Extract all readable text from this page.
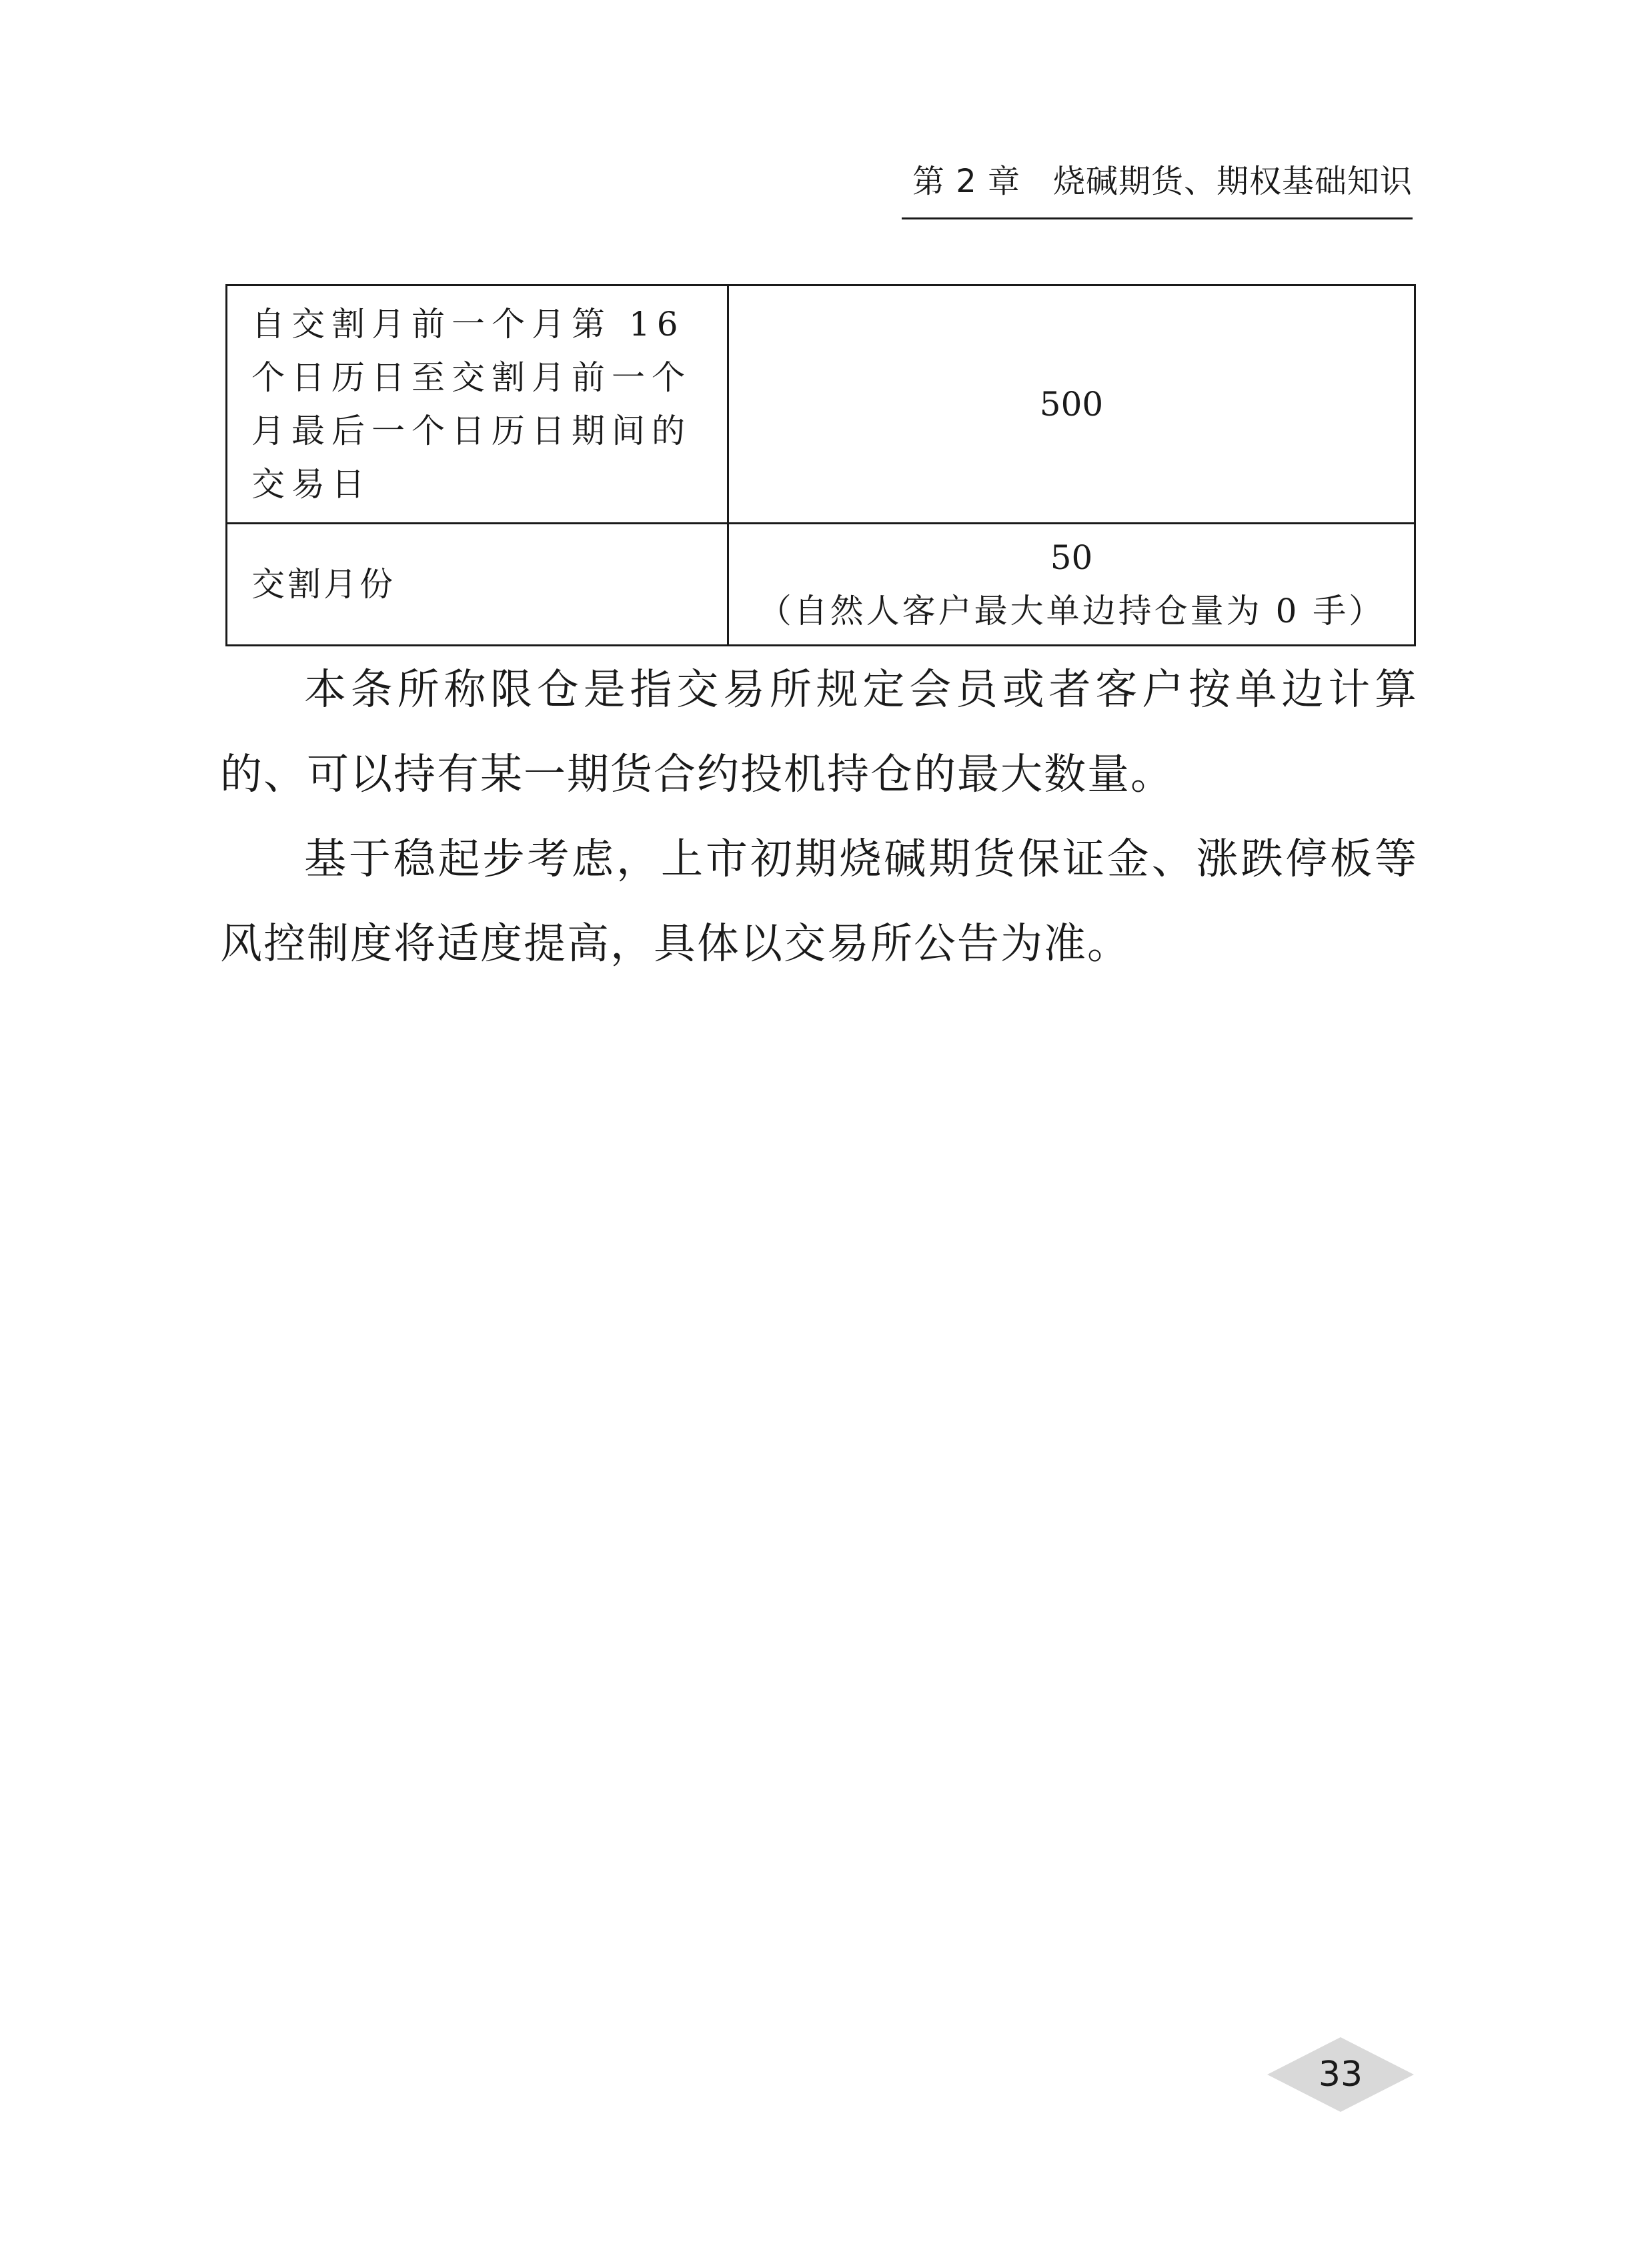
第 2 章　烧碱期货、期权基础知识
自交割月前一个月第 16
个日历日至交割月前一个
月最后一个日历日期间的
交易日	500
交割月份	50
（自然人客户最大单边持仓量为 0 手）

本条所称限仓是指交易所规定会员或者客户按单边计算的、可以持有某一期货合约投机持仓的最大数量。

基于稳起步考虑，上市初期烧碱期货保证金、涨跌停板等风控制度将适度提高，具体以交易所公告为准。

33
